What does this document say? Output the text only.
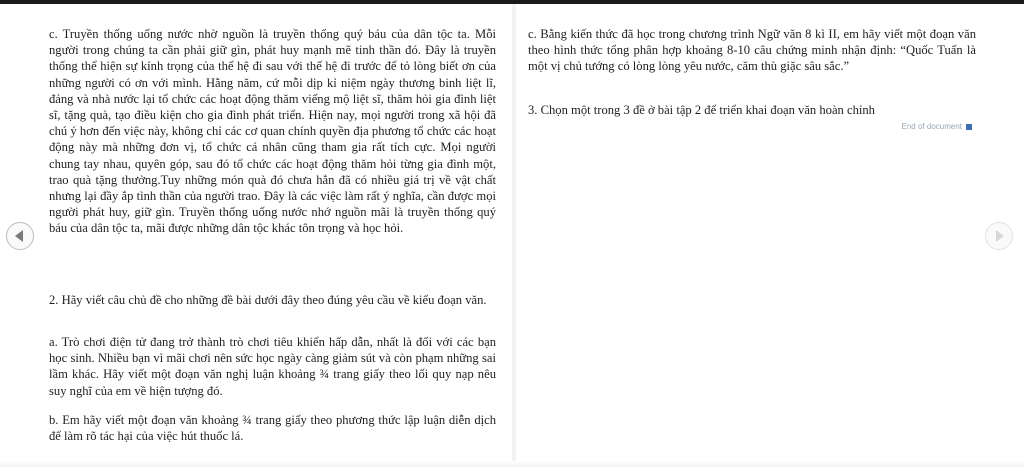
c. Truyền thống uống nước nhờ nguồn là truyền thống quý báu của dân tộc ta. Mỗi người trong chúng ta cần phải giữ gìn, phát huy mạnh mẽ tinh thần đó. Đây là truyền thống thể hiện sự kính trọng của thế hệ đi sau với thế hệ đi trước để tỏ lòng biết ơn của những người có ơn với mình. Hằng năm, cứ mỗi dịp kỉ niệm ngày thương binh liệt lĩ, đảng và nhà nước lại tổ chức các hoạt động thăm viếng mộ liệt sĩ, thăm hỏi gia đình liệt sĩ, tặng quà, tạo điều kiện cho gia đình phát triển. Hiện nay, mọi người trong xã hội đã chú ý hơn đến việc này, không chỉ các cơ quan chính quyền địa phương tổ chức các hoạt động này mà những đơn vị, tổ chức cá nhân cũng tham gia rất tích cực. Mọi người chung tay nhau, quyên góp, sau đó tổ chức các hoạt động thăm hỏi từng gia đình một, trao quà tặng thưởng.Tuy những món quà đó chưa hẳn đã có nhiều giá trị về vật chất nhưng lại đầy ắp tình thần của người trao. Đây là các việc làm rất ý nghĩa, cần được mọi người phát huy, giữ gìn. Truyền thống uống nước nhớ nguồn mãi là truyền thống quý báu của dân tộc ta, mãi được những dân tộc khác tôn trọng và học hỏi.

2. Hãy viết câu chủ đề cho những đề bài dưới đây theo đúng yêu cầu về kiểu đoạn văn.

a. Trò chơi điện tử đang trở thành trò chơi tiêu khiển hấp dẫn, nhất là đối với các bạn học sinh. Nhiều bạn vì mãi chơi nên sức học ngày càng giảm sút và còn phạm những sai lầm khác. Hãy viết một đoạn văn nghị luận khoảng ¾ trang giấy theo lối quy nạp nêu suy nghĩ của em về hiện tượng đó.

b. Em hãy viết một đoạn văn khoảng ¾ trang giấy theo phương thức lập luận diễn dịch để làm rõ tác hại của việc hút thuốc lá.

c. Bằng kiến thức đã học trong chương trình Ngữ văn 8 kì II, em hãy viết một đoạn văn theo hình thức tổng phân hợp khoảng 8-10 câu chứng minh nhận định: “Quốc Tuấn là một vị chủ tướng có lòng lòng yêu nước, căm thù giặc sâu sắc.”

3. Chọn một trong 3 đề ở bài tập 2 để triển khai đoạn văn hoàn chỉnh

End of document
